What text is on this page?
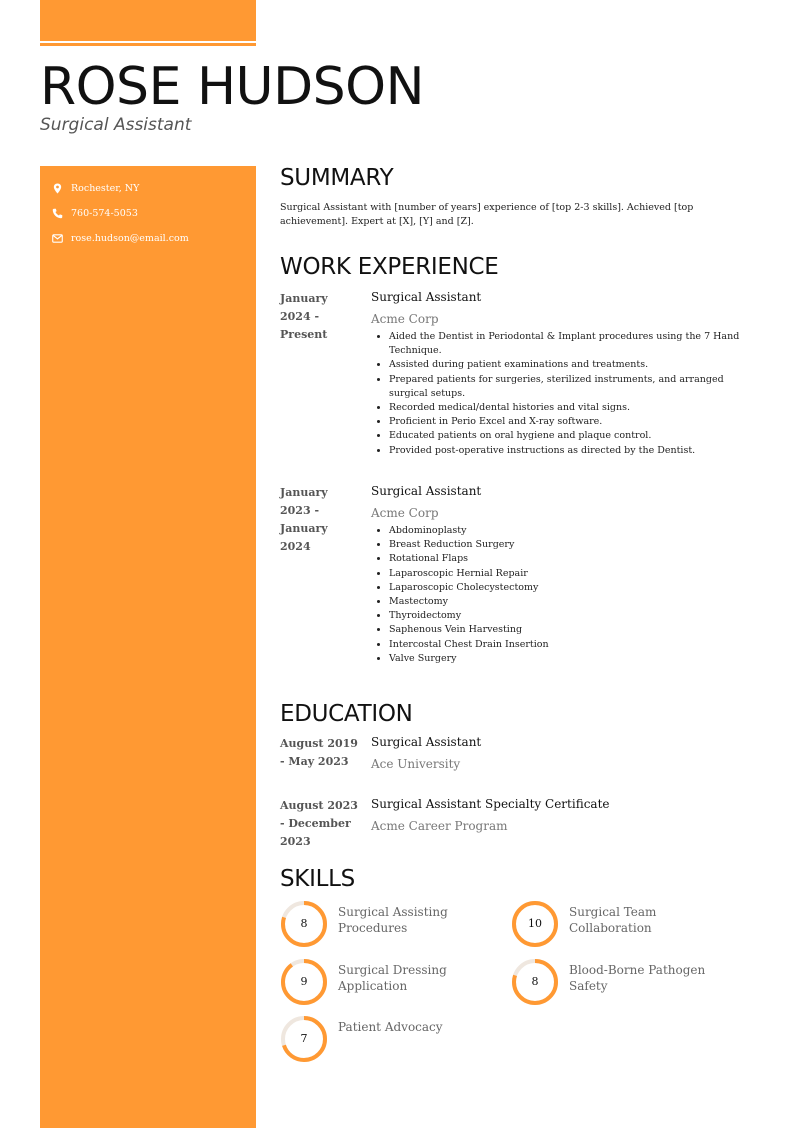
ROSE HUDSON
Surgical Assistant
Rochester, NY
760-574-5053
rose.hudson@email.com
SUMMARY
Surgical Assistant with [number of years] experience of [top 2-3 skills]. Achieved [top achievement]. Expert at [X], [Y] and [Z].
WORK EXPERIENCE
January 2024 - Present
Surgical Assistant
Acme Corp
• Aided the Dentist in Periodontal & Implant procedures using the 7 Hand Technique.
• Assisted during patient examinations and treatments.
• Prepared patients for surgeries, sterilized instruments, and arranged surgical setups.
• Recorded medical/dental histories and vital signs.
• Proficient in Perio Excel and X-ray software.
• Educated patients on oral hygiene and plaque control.
• Provided post-operative instructions as directed by the Dentist.
January 2023 - January 2024
Surgical Assistant
Acme Corp
• Abdominoplasty
• Breast Reduction Surgery
• Rotational Flaps
• Laparoscopic Hernial Repair
• Laparoscopic Cholecystectomy
• Mastectomy
• Thyroidectomy
• Saphenous Vein Harvesting
• Intercostal Chest Drain Insertion
• Valve Surgery
EDUCATION
August 2019 - May 2023
Surgical Assistant
Ace University
August 2023 - December 2023
Surgical Assistant Specialty Certificate
Acme Career Program
SKILLS
8
Surgical Assisting Procedures	10
Surgical Team Collaboration
9
Surgical Dressing Application	8
Blood-Borne Pathogen Safety
7
Patient Advocacy
